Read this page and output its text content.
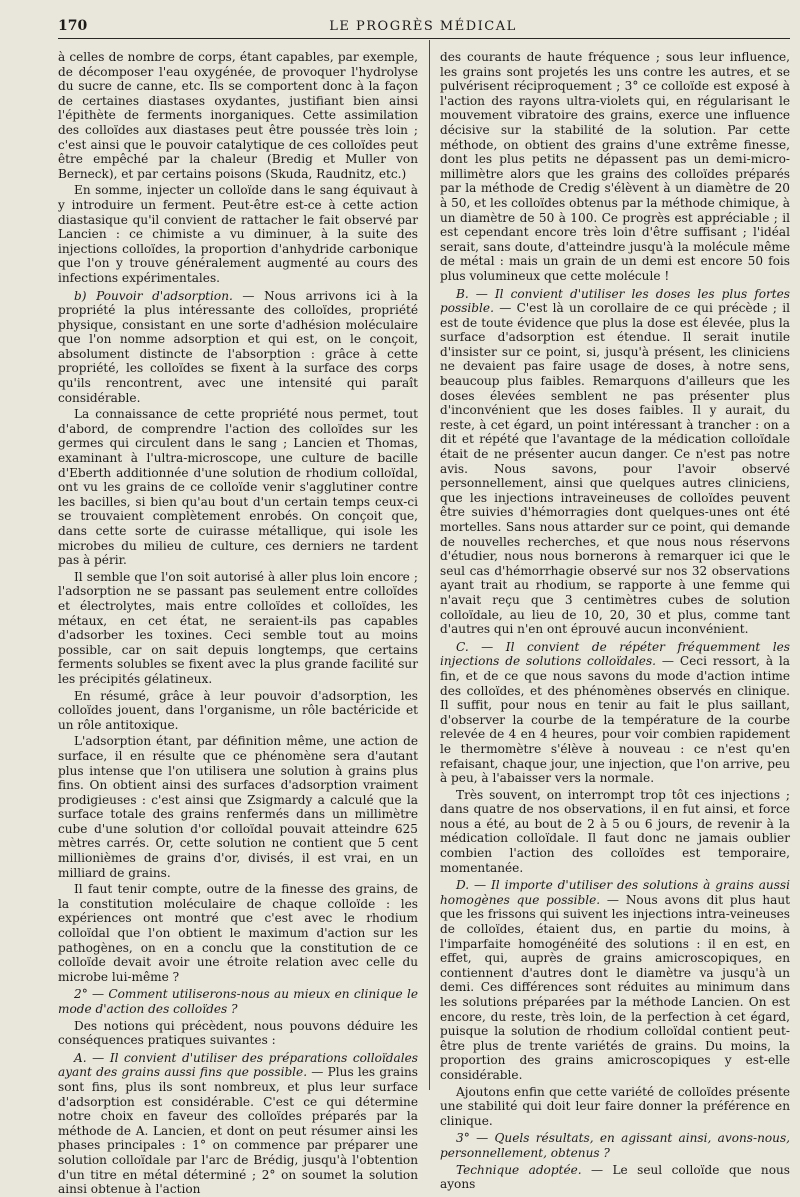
170	LE PROGRÈS MÉDICAL

à celles de nombre de corps, étant capables, par exemple, de décomposer l'eau oxygénée, de provoquer l'hydrolyse du sucre de canne, etc. Ils se comportent donc à la façon de certaines diastases oxydantes, justifiant bien ainsi l'épithète de ferments inorganiques. Cette assimilation des colloïdes aux diastases peut être poussée très loin ; c'est ainsi que le pouvoir catalytique de ces colloïdes peut être empêché par la chaleur (Bredig et Muller von Berneck), et par certains poisons (Skuda, Raudnitz, etc.)

En somme, injecter un colloïde dans le sang équivaut à y introduire un ferment. Peut-être est-ce à cette action diastasique qu'il convient de rattacher le fait observé par Lancien : ce chimiste a vu diminuer, à la suite des injections colloïdes, la proportion d'anhydride carbonique que l'on y trouve généralement augmenté au cours des infections expérimentales.

b) Pouvoir d'adsorption. — Nous arrivons ici à la propriété la plus intéressante des colloïdes, propriété physique, consistant en une sorte d'adhésion moléculaire que l'on nomme adsorption et qui est, on le conçoit, absolument distincte de l'absorption : grâce à cette propriété, les colloïdes se fixent à la surface des corps qu'ils rencontrent, avec une intensité qui paraît considérable.

La connaissance de cette propriété nous permet, tout d'abord, de comprendre l'action des colloïdes sur les germes qui circulent dans le sang ; Lancien et Thomas, examinant à l'ultra-microscope, une culture de bacille d'Eberth additionnée d'une solution de rhodium colloïdal, ont vu les grains de ce colloïde venir s'agglutiner contre les bacilles, si bien qu'au bout d'un certain temps ceux-ci se trouvaient complètement enrobés. On conçoit que, dans cette sorte de cuirasse métallique, qui isole les microbes du milieu de culture, ces derniers ne tardent pas à périr.

Il semble que l'on soit autorisé à aller plus loin encore ; l'adsorption ne se passant pas seulement entre colloïdes et électrolytes, mais entre colloïdes et colloïdes, les métaux, en cet état, ne seraient-ils pas capables d'adsorber les toxines. Ceci semble tout au moins possible, car on sait depuis longtemps, que certains ferments solubles se fixent avec la plus grande facilité sur les précipités gélatineux.

En résumé, grâce à leur pouvoir d'adsorption, les colloïdes jouent, dans l'organisme, un rôle bactéricide et un rôle antitoxique.

L'adsorption étant, par définition même, une action de surface, il en résulte que ce phénomène sera d'autant plus intense que l'on utilisera une solution à grains plus fins. On obtient ainsi des surfaces d'adsorption vraiment prodigieuses : c'est ainsi que Zsigmardy a calculé que la surface totale des grains renfermés dans un millimètre cube d'une solution d'or colloïdal pouvait atteindre 625 mètres carrés. Or, cette solution ne contient que 5 cent millionièmes de grains d'or, divisés, il est vrai, en un milliard de grains.

Il faut tenir compte, outre de la finesse des grains, de la constitution moléculaire de chaque colloïde : les expériences ont montré que c'est avec le rhodium colloïdal que l'on obtient le maximum d'action sur les pathogènes, on en a conclu que la constitution de ce colloïde devait avoir une étroite relation avec celle du microbe lui-même ?

2° — Comment utiliserons-nous au mieux en clinique le mode d'action des colloïdes ?

Des notions qui précèdent, nous pouvons déduire les conséquences pratiques suivantes :

A. — Il convient d'utiliser des préparations colloïdales ayant des grains aussi fins que possible. — Plus les grains sont fins, plus ils sont nombreux, et plus leur surface d'adsorption est considérable. C'est ce qui détermine notre choix en faveur des colloïdes préparés par la méthode de A. Lancien, et dont on peut résumer ainsi les phases principales : 1° on commence par préparer une solution colloïdale par l'arc de Brédig, jusqu'à l'obtention d'un titre en métal déterminé ; 2° on soumet la solution ainsi obtenue à l'action

des courants de haute fréquence ; sous leur influence, les grains sont projetés les uns contre les autres, et se pulvérisent réciproquement ; 3° ce colloïde est exposé à l'action des rayons ultra-violets qui, en régularisant le mouvement vibratoire des grains, exerce une influence décisive sur la stabilité de la solution. Par cette méthode, on obtient des grains d'une extrême finesse, dont les plus petits ne dépassent pas un demi-micro-millimètre alors que les grains des colloïdes préparés par la méthode de Credig s'élèvent à un diamètre de 20 à 50, et les colloïdes obtenus par la méthode chimique, à un diamètre de 50 à 100. Ce progrès est appréciable ; il est cependant encore très loin d'être suffisant ; l'idéal serait, sans doute, d'atteindre jusqu'à la molécule même de métal : mais un grain de un demi est encore 50 fois plus volumineux que cette molécule !

B. — Il convient d'utiliser les doses les plus fortes possible. — C'est là un corollaire de ce qui précède ; il est de toute évidence que plus la dose est élevée, plus la surface d'adsorption est étendue. Il serait inutile d'insister sur ce point, si, jusqu'à présent, les cliniciens ne devaient pas faire usage de doses, à notre sens, beaucoup plus faibles. Remarquons d'ailleurs que les doses élevées semblent ne pas présenter plus d'inconvénient que les doses faibles. Il y aurait, du reste, à cet égard, un point intéressant à trancher : on a dit et répété que l'avantage de la médication colloïdale était de ne présenter aucun danger. Ce n'est pas notre avis. Nous savons, pour l'avoir observé personnellement, ainsi que quelques autres cliniciens, que les injections intraveineuses de colloïdes peuvent être suivies d'hémorragies dont quelques-unes ont été mortelles. Sans nous attarder sur ce point, qui demande de nouvelles recherches, et que nous nous réservons d'étudier, nous nous bornerons à remarquer ici que le seul cas d'hémorrhagie observé sur nos 32 observations ayant trait au rhodium, se rapporte à une femme qui n'avait reçu que 3 centimètres cubes de solution colloïdale, au lieu de 10, 20, 30 et plus, comme tant d'autres qui n'en ont éprouvé aucun inconvénient.

C. — Il convient de répéter fréquemment les injections de solutions colloïdales. — Ceci ressort, à la fin, et de ce que nous savons du mode d'action intime des colloïdes, et des phénomènes observés en clinique. Il suffit, pour nous en tenir au fait le plus saillant, d'observer la courbe de la température de la courbe relevée de 4 en 4 heures, pour voir combien rapidement le thermomètre s'élève à nouveau : ce n'est qu'en refaisant, chaque jour, une injection, que l'on arrive, peu à peu, à l'abaisser vers la normale.

Très souvent, on interrompt trop tôt ces injections ; dans quatre de nos observations, il en fut ainsi, et force nous a été, au bout de 2 à 5 ou 6 jours, de revenir à la médication colloïdale. Il faut donc ne jamais oublier combien l'action des colloïdes est temporaire, momentanée.

D. — Il importe d'utiliser des solutions à grains aussi homogènes que possible. — Nous avons dit plus haut que les frissons qui suivent les injections intra-veineuses de colloïdes, étaient dus, en partie du moins, à l'imparfaite homogénéité des solutions : il en est, en effet, qui, auprès de grains amicroscopiques, en contiennent d'autres dont le diamètre va jusqu'à un demi. Ces différences sont réduites au minimum dans les solutions préparées par la méthode Lancien. On est encore, du reste, très loin, de la perfection à cet égard, puisque la solution de rhodium colloïdal contient peut-être plus de trente variétés de grains. Du moins, la proportion des grains amicroscopiques y est-elle considérable.

Ajoutons enfin que cette variété de colloïdes présente une stabilité qui doit leur faire donner la préférence en clinique.

3° — Quels résultats, en agissant ainsi, avons-nous, personnellement, obtenus ?

Technique adoptée. — Le seul colloïde que nous ayons
